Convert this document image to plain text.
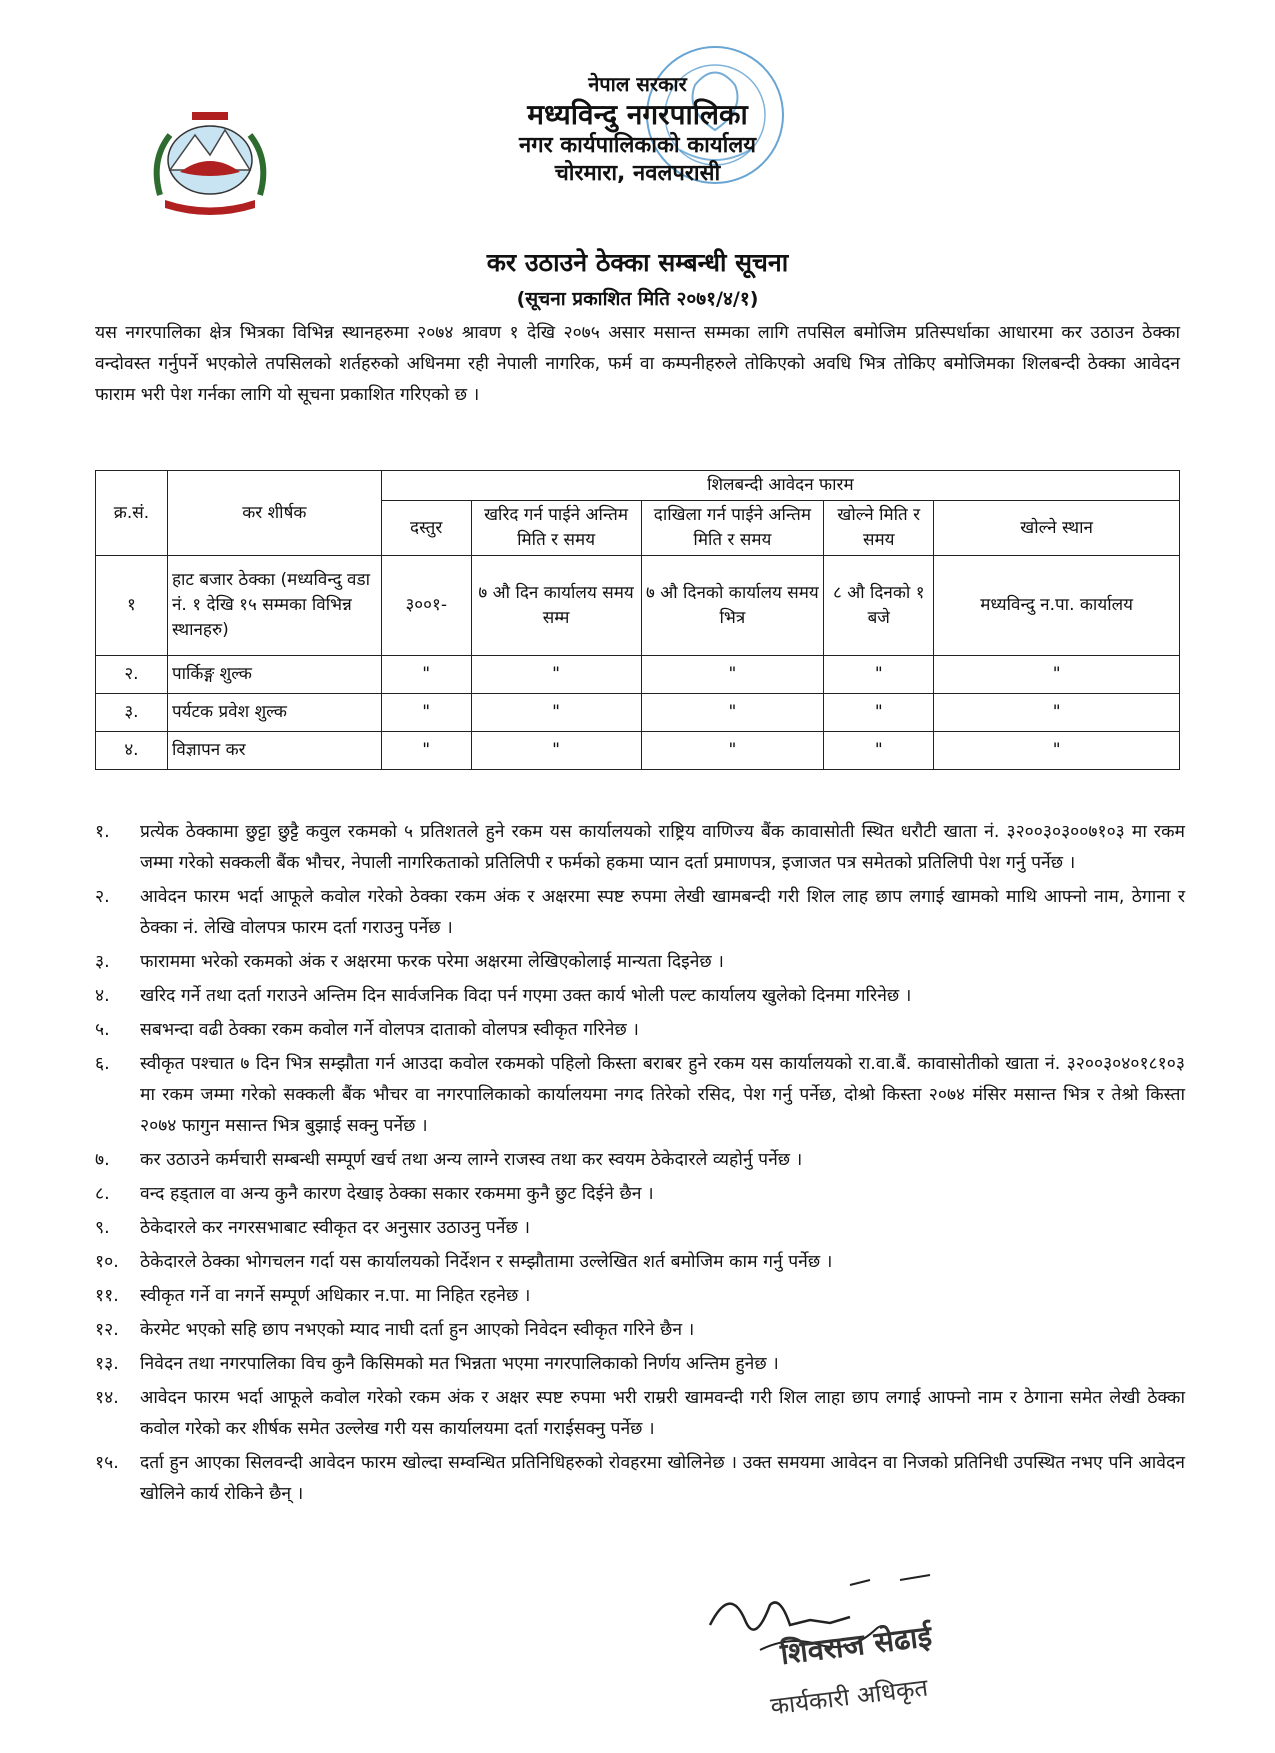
नेपाल सरकार

मध्यविन्दु नगरपालिका

नगर कार्यपालिकाको कार्यालय

चोरमारा, नवलपरासी

कर उठाउने ठेक्का सम्बन्धी सूचना
(सूचना प्रकाशित मिति २०७१/४/१)
यस नगरपालिका क्षेत्र भित्रका विभिन्न स्थानहरुमा २०७४ श्रावण १ देखि २०७५ असार मसान्त सम्मका लागि तपसिल बमोजिम प्रतिस्पर्धाका आधारमा कर उठाउन ठेक्का वन्दोवस्त गर्नुपर्ने भएकोले तपसिलको शर्तहरुको अधिनमा रही नेपाली नागरिक, फर्म वा कम्पनीहरुले तोकिएको अवधि भित्र तोकिए बमोजिमका शिलबन्दी ठेक्का आवेदन फाराम भरी पेश गर्नका लागि यो सूचना प्रकाशित गरिएको छ ।
क्र.सं.	कर शीर्षक	शिलबन्दी आवेदन फारम				
		दस्तुर	खरिद गर्न पाईने अन्तिम मिति र समय	दाखिला गर्न पाईने अन्तिम मिति र समय	खोल्ने मिति र समय	खोल्ने स्थान
१	हाट बजार ठेक्का (मध्यविन्दु वडा नं. १ देखि १५ सम्मका विभिन्न स्थानहरु)	३००१-	७ औ दिन कार्यालय समय सम्म	७ औ दिनको कार्यालय समय भित्र	८ औ दिनको १ बजे	मध्यविन्दु न.पा. कार्यालय
२.	पार्किङ्ग शुल्क	"	"	"	"	"
३.	पर्यटक प्रवेश शुल्क	"	"	"	"	"
४.	विज्ञापन कर	"	"	"	"	"
१.	प्रत्येक ठेक्कामा छुट्टा छुट्टै कवुल रकमको ५ प्रतिशतले हुने रकम यस कार्यालयको राष्ट्रिय वाणिज्य बैंक कावासोती स्थित धरौटी खाता नं. ३२००३०३००७१०३ मा रकम जम्मा गरेको सक्कली बैंक भौचर, नेपाली नागरिकताको प्रतिलिपी र फर्मको हकमा प्यान दर्ता प्रमाणपत्र, इजाजत पत्र समेतको प्रतिलिपी पेश गर्नु पर्नेछ ।
२.	आवेदन फारम भर्दा आफूले कवोल गरेको ठेक्का रकम अंक र अक्षरमा स्पष्ट रुपमा लेखी खामबन्दी गरी शिल लाह छाप लगाई खामको माथि आफ्नो नाम, ठेगाना र ठेक्का नं. लेखि वोलपत्र फारम दर्ता गराउनु पर्नेछ ।
३.	फाराममा भरेको रकमको अंक र अक्षरमा फरक परेमा अक्षरमा लेखिएकोलाई मान्यता दिइनेछ ।
४.	खरिद गर्ने तथा दर्ता गराउने अन्तिम दिन सार्वजनिक विदा पर्न गएमा उक्त कार्य भोली पल्ट कार्यालय खुलेको दिनमा गरिनेछ ।
५.	सबभन्दा वढी ठेक्का रकम कवोल गर्ने वोलपत्र दाताको वोलपत्र स्वीकृत गरिनेछ ।
६.	स्वीकृत पश्चात ७ दिन भित्र सम्झौता गर्न आउदा कवोल रकमको पहिलो किस्ता बराबर हुने रकम यस कार्यालयको रा.वा.बैं. कावासोतीको खाता नं. ३२००३०४०१८१०३ मा रकम जम्मा गरेको सक्कली बैंक भौचर वा नगरपालिकाको कार्यालयमा नगद तिरेको रसिद, पेश गर्नु पर्नेछ, दोश्रो किस्ता २०७४ मंसिर मसान्त भित्र र तेश्रो किस्ता २०७४ फागुन मसान्त भित्र बुझाई सक्नु पर्नेछ ।
७.	कर उठाउने कर्मचारी सम्बन्धी सम्पूर्ण खर्च तथा अन्य लाग्ने राजस्व तथा कर स्वयम ठेकेदारले व्यहोर्नु पर्नेछ ।
८.	वन्द हड्ताल वा अन्य कुनै कारण देखाइ ठेक्का सकार रकममा कुनै छुट दिईने छैन ।
९.	ठेकेदारले कर नगरसभाबाट स्वीकृत दर अनुसार उठाउनु पर्नेछ ।
१०.	ठेकेदारले ठेक्का भोगचलन गर्दा यस कार्यालयको निर्देशन र सम्झौतामा उल्लेखित शर्त बमोजिम काम गर्नु पर्नेछ ।
११.	स्वीकृत गर्ने वा नगर्ने सम्पूर्ण अधिकार न.पा. मा निहित रहनेछ ।
१२.	केरमेट भएको सहि छाप नभएको म्याद नाघी दर्ता हुन आएको निवेदन स्वीकृत गरिने छैन ।
१३.	निवेदन तथा नगरपालिका विच कुनै किसिमको मत भिन्नता भएमा नगरपालिकाको निर्णय अन्तिम हुनेछ ।
१४.	आवेदन फारम भर्दा आफूले कवोल गरेको रकम अंक र अक्षर स्पष्ट रुपमा भरी राम्ररी खामवन्दी गरी शिल लाहा छाप लगाई आफ्नो नाम र ठेगाना समेत लेखी ठेक्का कवोल गरेको कर शीर्षक समेत उल्लेख गरी यस कार्यालयमा दर्ता गराईसक्नु पर्नेछ ।
१५.	दर्ता हुन आएका सिलवन्दी आवेदन फारम खोल्दा सम्वन्धित प्रतिनिधिहरुको रोवहरमा खोलिनेछ । उक्त समयमा आवेदन वा निजको प्रतिनिधी उपस्थित नभए पनि आवेदन खोलिने कार्य रोकिने छैन् ।
शिवराज सेढाई
कार्यकारी अधिकृत
